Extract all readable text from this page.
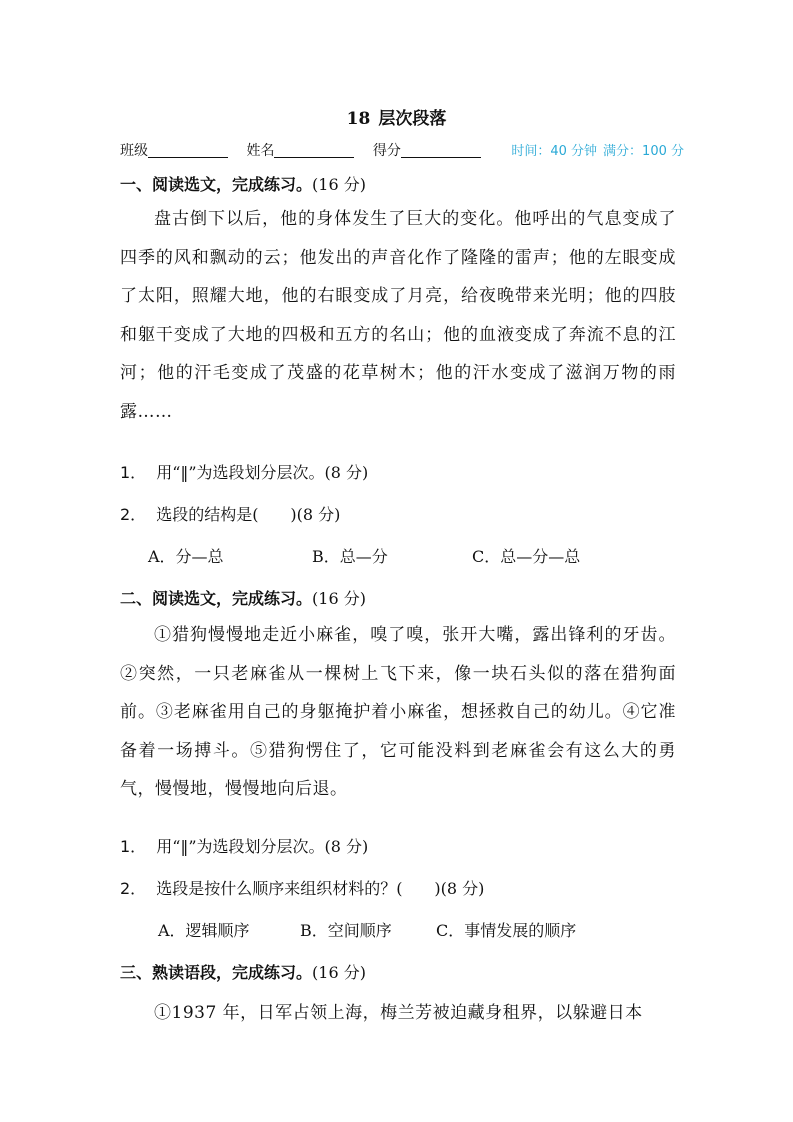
18 层次段落
班级	姓名	得分	时间：40 分钟 满分：100 分
一、阅读选文，完成练习。(16 分)
盘古倒下以后，他的身体发生了巨大的变化。他呼出的气息变成了四季的风和飘动的云；他发出的声音化作了隆隆的雷声；他的左眼变成了太阳，照耀大地，他的右眼变成了月亮，给夜晚带来光明；他的四肢和躯干变成了大地的四极和五方的名山；他的血液变成了奔流不息的江河；他的汗毛变成了茂盛的花草树木；他的汗水变成了滋润万物的雨露……
1． 用“‖”为选段划分层次。(8 分)
2． 选段的结构是(　　)(8 分)
A．分—总	B．总—分	C．总—分—总
二、阅读选文，完成练习。(16 分)
①猎狗慢慢地走近小麻雀，嗅了嗅，张开大嘴，露出锋利的牙齿。②突然，一只老麻雀从一棵树上飞下来，像一块石头似的落在猎狗面前。③老麻雀用自己的身躯掩护着小麻雀，想拯救自己的幼儿。④它准备着一场搏斗。⑤猎狗愣住了，它可能没料到老麻雀会有这么大的勇气，慢慢地，慢慢地向后退。
1． 用“‖”为选段划分层次。(8 分)
2． 选段是按什么顺序来组织材料的？(　　)(8 分)
A．逻辑顺序	B．空间顺序	C．事情发展的顺序
三、熟读语段，完成练习。(16 分)
①1937 年，日军占领上海，梅兰芳被迫藏身租界，以躲避日本
